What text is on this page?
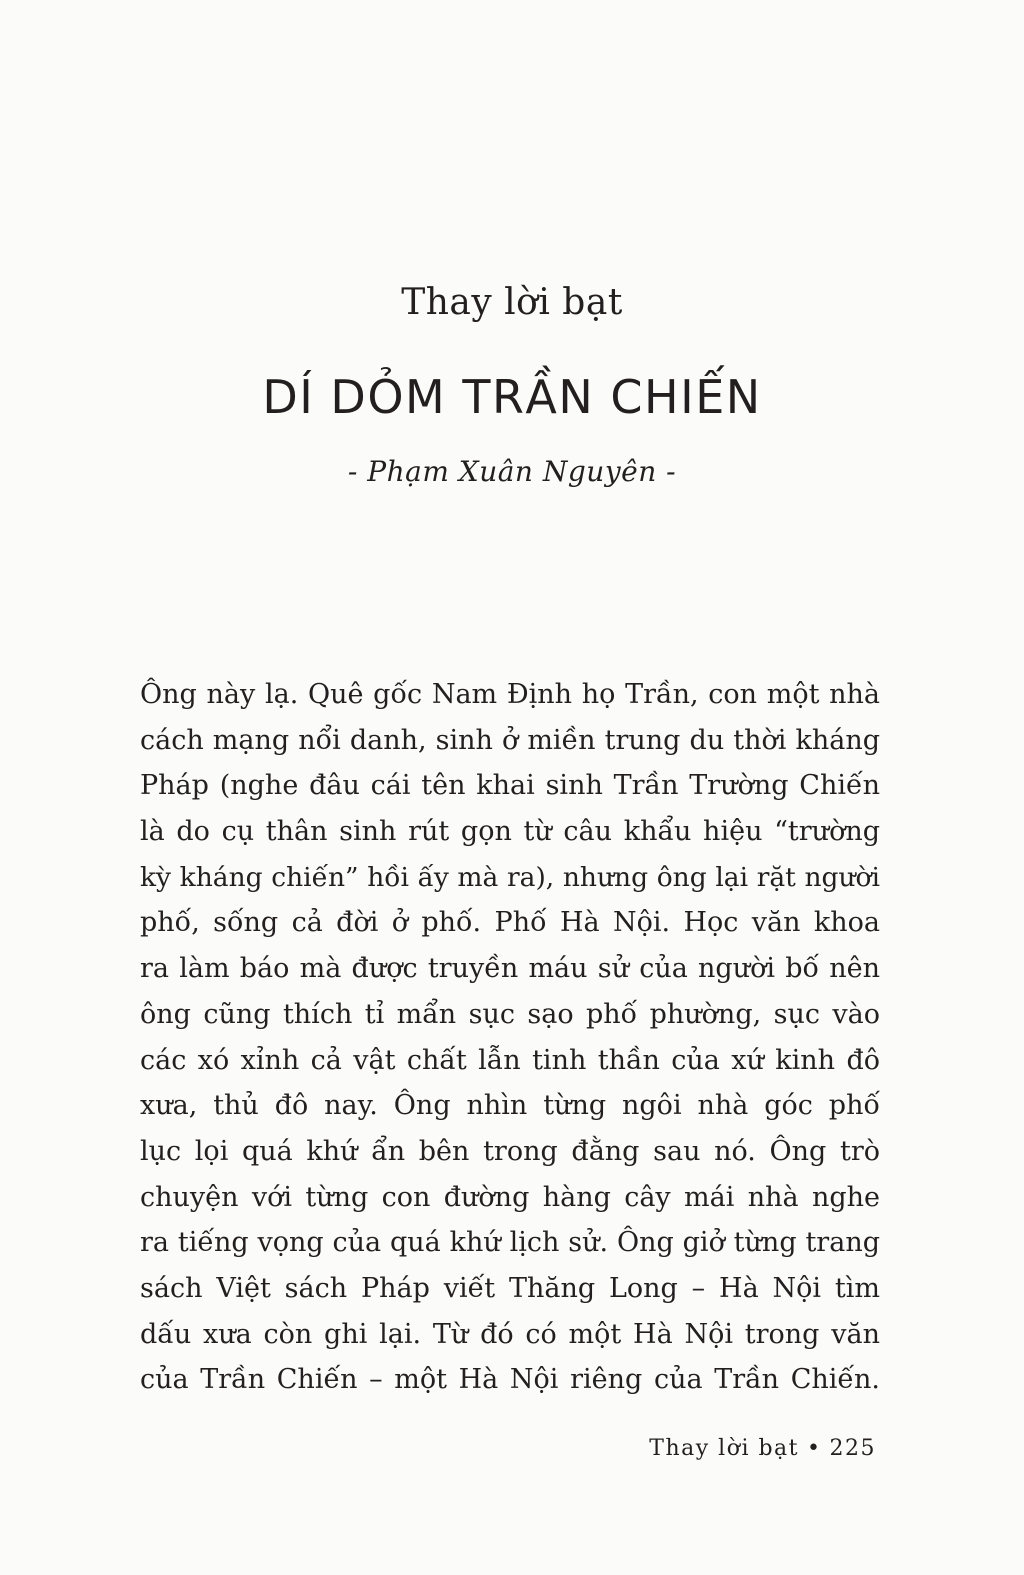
Thay lời bạt
DÍ DỎM TRẦN CHIẾN
- Phạm Xuân Nguyên -
Ông này lạ. Quê gốc Nam Định họ Trần, con một nhà
cách mạng nổi danh, sinh ở miền trung du thời kháng
Pháp (nghe đâu cái tên khai sinh Trần Trường Chiến
là do cụ thân sinh rút gọn từ câu khẩu hiệu “trường
kỳ kháng chiến” hồi ấy mà ra), nhưng ông lại rặt người
phố, sống cả đời ở phố. Phố Hà Nội. Học văn khoa
ra làm báo mà được truyền máu sử của người bố nên
ông cũng thích tỉ mẩn sục sạo phố phường, sục vào
các xó xỉnh cả vật chất lẫn tinh thần của xứ kinh đô
xưa, thủ đô nay. Ông nhìn từng ngôi nhà góc phố
lục lọi quá khứ ẩn bên trong đằng sau nó. Ông trò
chuyện với từng con đường hàng cây mái nhà nghe
ra tiếng vọng của quá khứ lịch sử. Ông giở từng trang
sách Việt sách Pháp viết Thăng Long – Hà Nội tìm
dấu xưa còn ghi lại. Từ đó có một Hà Nội trong văn
của Trần Chiến – một Hà Nội riêng của Trần Chiến.
Thay lời bạt • 225
